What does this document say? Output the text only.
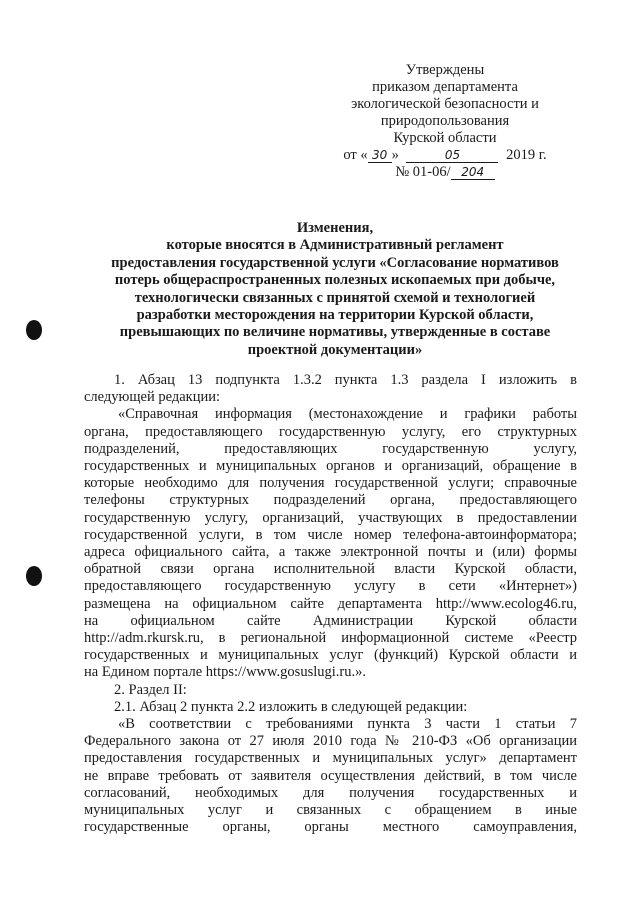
Утверждены
приказом департамента
экологической безопасности и
природопользования
Курской области
от « 30 »	05	2019 г.
№ 01-06/ 204
Изменения,
которые вносятся в Административный регламент
предоставления государственной услуги «Согласование нормативов
потерь общераспространенных полезных ископаемых при добыче,
технологически связанных с принятой схемой и технологией
разработки месторождения на территории Курской области,
превышающих по величине нормативы, утвержденные в составе
проектной документации»
1. Абзац 13 подпункта 1.3.2 пункта 1.3 раздела I изложить в
следующей редакции:
«Справочная информация (местонахождение и графики работы
органа, предоставляющего государственную услугу, его структурных
подразделений, предоставляющих государственную услугу,
государственных и муниципальных органов и организаций, обращение в
которые необходимо для получения государственной услуги; справочные
телефоны структурных подразделений органа, предоставляющего
государственную услугу, организаций, участвующих в предоставлении
государственной услуги, в том числе номер телефона-автоинформатора;
адреса официального сайта, а также электронной почты и (или) формы
обратной связи органа исполнительной власти Курской области,
предоставляющего государственную услугу в сети «Интернет»)
размещена на официальном сайте департамента http://www.ecolog46.ru,
на официальном сайте Администрации Курской области
http://adm.rkursk.ru, в региональной информационной системе «Реестр
государственных и муниципальных услуг (функций) Курской области и
на Едином портале https://www.gosuslugi.ru.».
2. Раздел II:
2.1. Абзац 2 пункта 2.2 изложить в следующей редакции:
«В соответствии с требованиями пункта 3 части 1 статьи 7
Федерального закона от 27 июля 2010 года № 210-ФЗ «Об организации
предоставления государственных и муниципальных услуг» департамент
не вправе требовать от заявителя осуществления действий, в том числе
согласований, необходимых для получения государственных и
муниципальных услуг и связанных с обращением в иные
государственные органы, органы местного самоуправления,
